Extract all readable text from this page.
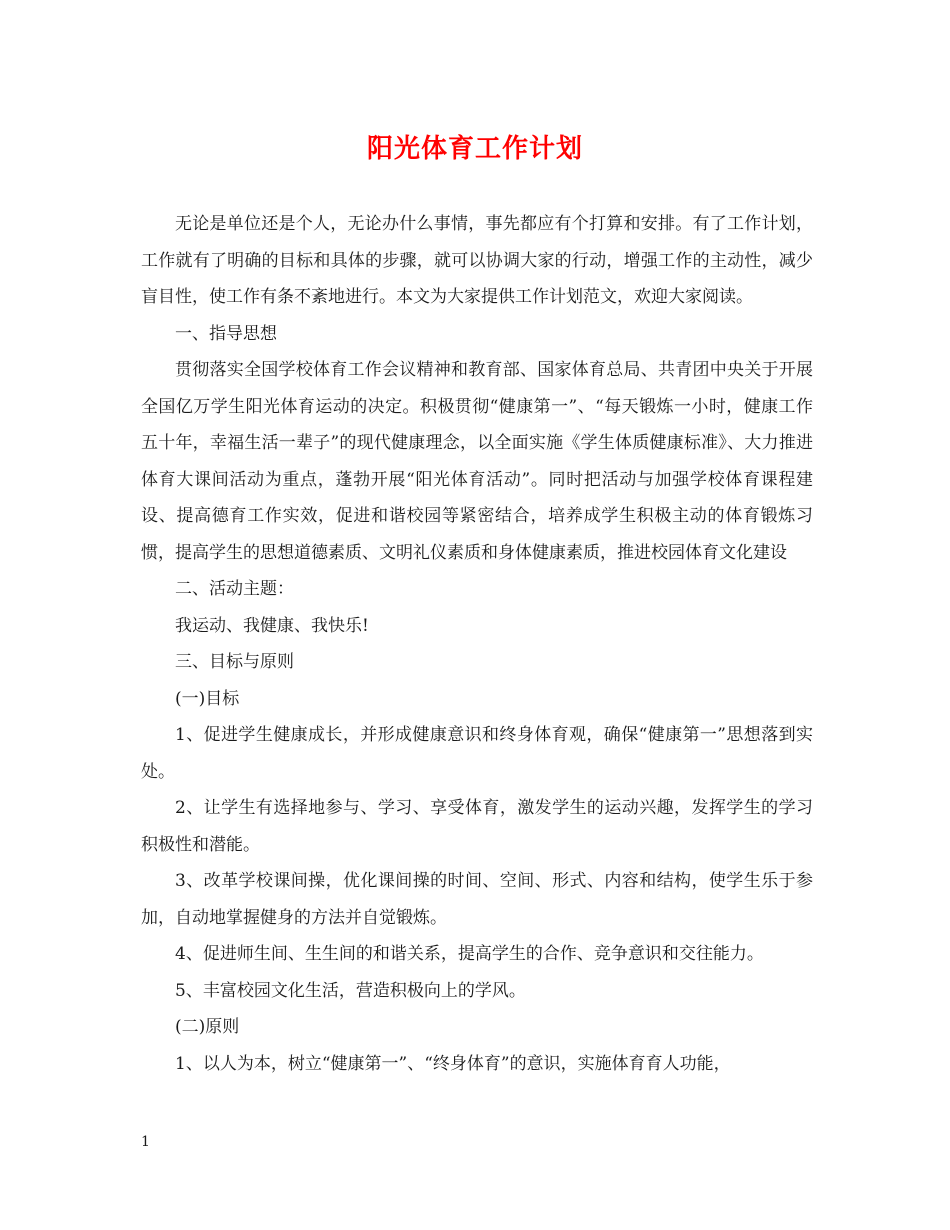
阳光体育工作计划

无论是单位还是个人，无论办什么事情，事先都应有个打算和安排。有了工作计划，工作就有了明确的目标和具体的步骤，就可以协调大家的行动，增强工作的主动性，减少盲目性，使工作有条不紊地进行。本文为大家提供工作计划范文，欢迎大家阅读。

一、指导思想

贯彻落实全国学校体育工作会议精神和教育部、国家体育总局、共青团中央关于开展全国亿万学生阳光体育运动的决定。积极贯彻“健康第一”、“每天锻炼一小时，健康工作五十年，幸福生活一辈子”的现代健康理念，以全面实施《学生体质健康标准》、大力推进体育大课间活动为重点，蓬勃开展“阳光体育活动”。同时把活动与加强学校体育课程建设、提高德育工作实效，促进和谐校园等紧密结合，培养成学生积极主动的体育锻炼习惯，提高学生的思想道德素质、文明礼仪素质和身体健康素质，推进校园体育文化建设

二、活动主题：

我运动、我健康、我快乐!

三、目标与原则

(一)目标

1、促进学生健康成长，并形成健康意识和终身体育观，确保“健康第一”思想落到实处。

2、让学生有选择地参与、学习、享受体育，激发学生的运动兴趣，发挥学生的学习积极性和潜能。

3、改革学校课间操，优化课间操的时间、空间、形式、内容和结构，使学生乐于参加，自动地掌握健身的方法并自觉锻炼。

4、促进师生间、生生间的和谐关系，提高学生的合作、竞争意识和交往能力。

5、丰富校园文化生活，营造积极向上的学风。

(二)原则

1、以人为本，树立“健康第一”、“终身体育”的意识，实施体育育人功能，

1
